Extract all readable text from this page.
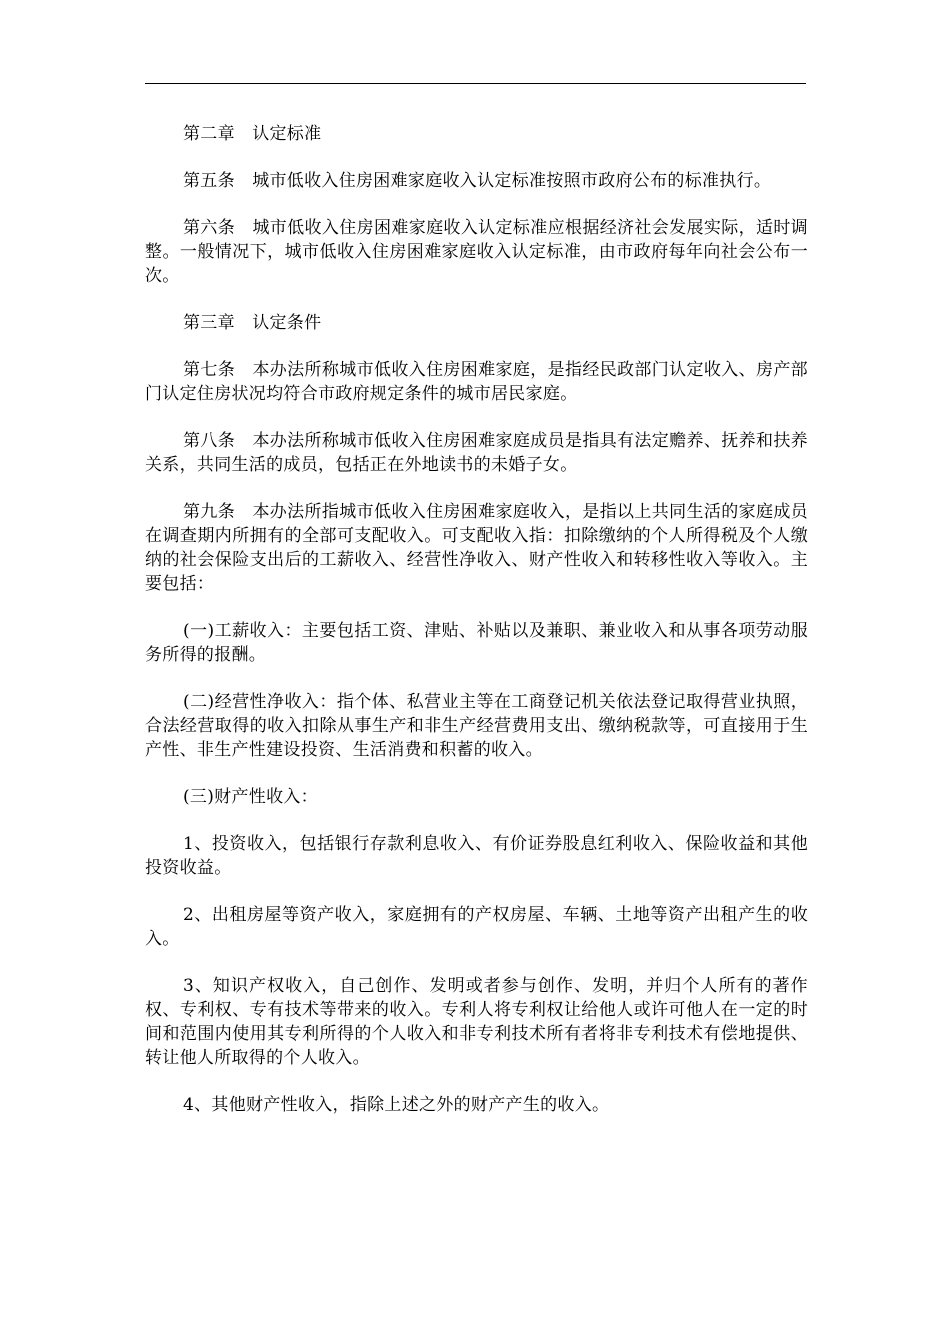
第二章　认定标准

第五条　城市低收入住房困难家庭收入认定标准按照市政府公布的标准执行。

第六条　城市低收入住房困难家庭收入认定标准应根据经济社会发展实际，适时调整。一般情况下，城市低收入住房困难家庭收入认定标准，由市政府每年向社会公布一次。

第三章　认定条件

第七条　本办法所称城市低收入住房困难家庭，是指经民政部门认定收入、房产部门认定住房状况均符合市政府规定条件的城市居民家庭。

第八条　本办法所称城市低收入住房困难家庭成员是指具有法定赡养、抚养和扶养关系，共同生活的成员，包括正在外地读书的未婚子女。

第九条　本办法所指城市低收入住房困难家庭收入，是指以上共同生活的家庭成员在调查期内所拥有的全部可支配收入。可支配收入指：扣除缴纳的个人所得税及个人缴纳的社会保险支出后的工薪收入、经营性净收入、财产性收入和转移性收入等收入。主要包括：

(一)工薪收入：主要包括工资、津贴、补贴以及兼职、兼业收入和从事各项劳动服务所得的报酬。

(二)经营性净收入：指个体、私营业主等在工商登记机关依法登记取得营业执照，合法经营取得的收入扣除从事生产和非生产经营费用支出、缴纳税款等，可直接用于生产性、非生产性建设投资、生活消费和积蓄的收入。

(三)财产性收入：

1、投资收入，包括银行存款利息收入、有价证券股息红利收入、保险收益和其他投资收益。

2、出租房屋等资产收入，家庭拥有的产权房屋、车辆、土地等资产出租产生的收入。

3、知识产权收入，自己创作、发明或者参与创作、发明，并归个人所有的著作权、专利权、专有技术等带来的收入。专利人将专利权让给他人或许可他人在一定的时间和范围内使用其专利所得的个人收入和非专利技术所有者将非专利技术有偿地提供、转让他人所取得的个人收入。

4、其他财产性收入，指除上述之外的财产产生的收入。
